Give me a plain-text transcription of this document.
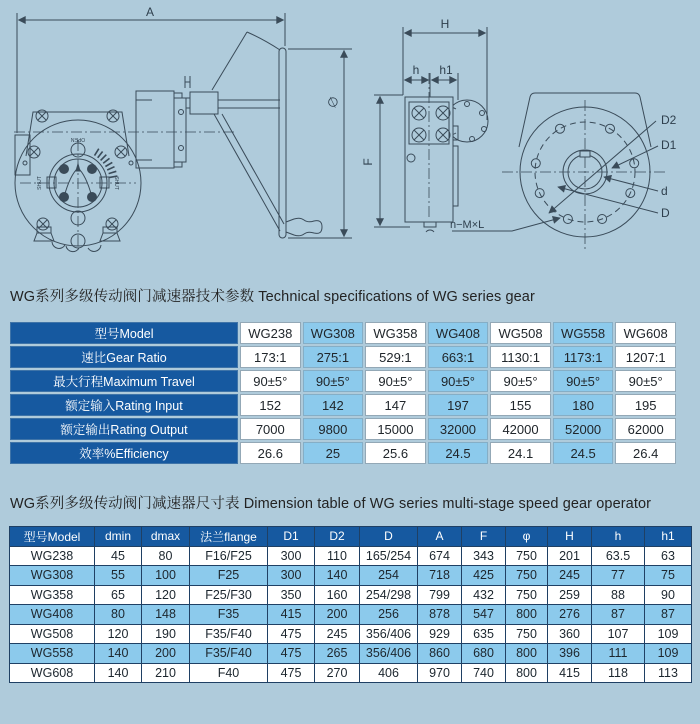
A
OPEN
SHUT	SHUT
∅
H
h h1
F
D2
D1
d
D
n−M×L
WG系列多级传动阀门减速器技术参数 Technical specifications of WG series gear
型号Model	WG238	WG308	WG358	WG408	WG508	WG558	WG608
速比Gear Ratio	173:1	275:1	529:1	663:1	1130:1	1173:1	1207:1
最大行程Maximum Travel	90±5°	90±5°	90±5°	90±5°	90±5°	90±5°	90±5°
额定输入Rating Input	152	142	147	197	155	180	195
额定输出Rating Output	7000	9800	15000	32000	42000	52000	62000
效率%Efficiency	26.6	25	25.6	24.5	24.1	24.5	26.4
WG系列多级传动阀门减速器尺寸表 Dimension table of WG series multi-stage speed gear operator
型号Model	dmin	dmax	法兰flange	D1	D2	D	A	F	φ	H	h	h1
WG238	45	80	F16/F25	300	110	165/254	674	343	750	201	63.5	63
WG308	55	100	F25	300	140	254	718	425	750	245	77	75
WG358	65	120	F25/F30	350	160	254/298	799	432	750	259	88	90
WG408	80	148	F35	415	200	256	878	547	800	276	87	87
WG508	120	190	F35/F40	475	245	356/406	929	635	750	360	107	109
WG558	140	200	F35/F40	475	265	356/406	860	680	800	396	111	109
WG608	140	210	F40	475	270	406	970	740	800	415	118	113
